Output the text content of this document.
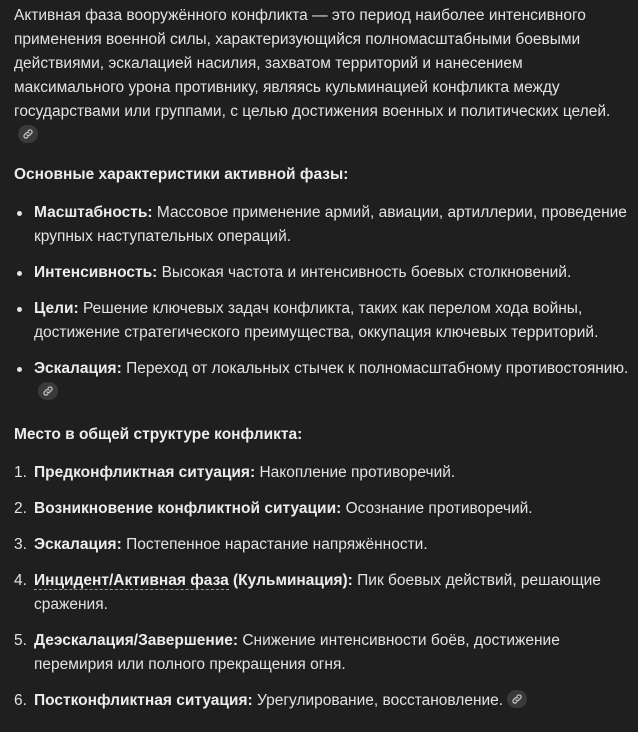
Активная фаза вооружённого конфликта — это период наиболее интенсивного применения военной силы, характеризующийся полномасштабными боевыми действиями, эскалацией насилия, захватом территорий и нанесением максимального урона противнику, являясь кульминацией конфликта между государствами или группами, с целью достижения военных и политических целей.

Основные характеристики активной фазы:

Масштабность: Массовое применение армий, авиации, артиллерии, проведение крупных наступательных операций.
Интенсивность: Высокая частота и интенсивность боевых столкновений.
Цели: Решение ключевых задач конфликта, таких как перелом хода войны, достижение стратегического преимущества, оккупация ключевых территорий.
Эскалация: Переход от локальных стычек к полномасштабному противостоянию.

Место в общей структуре конфликта:

1. Предконфликтная ситуация: Накопление противоречий.
2. Возникновение конфликтной ситуации: Осознание противоречий.
3. Эскалация: Постепенное нарастание напряжённости.
4. Инцидент/Активная фаза (Кульминация): Пик боевых действий, решающие сражения.
5. Деэскалация/Завершение: Снижение интенсивности боёв, достижение перемирия или полного прекращения огня.
6. Постконфликтная ситуация: Урегулирование, восстановление.
